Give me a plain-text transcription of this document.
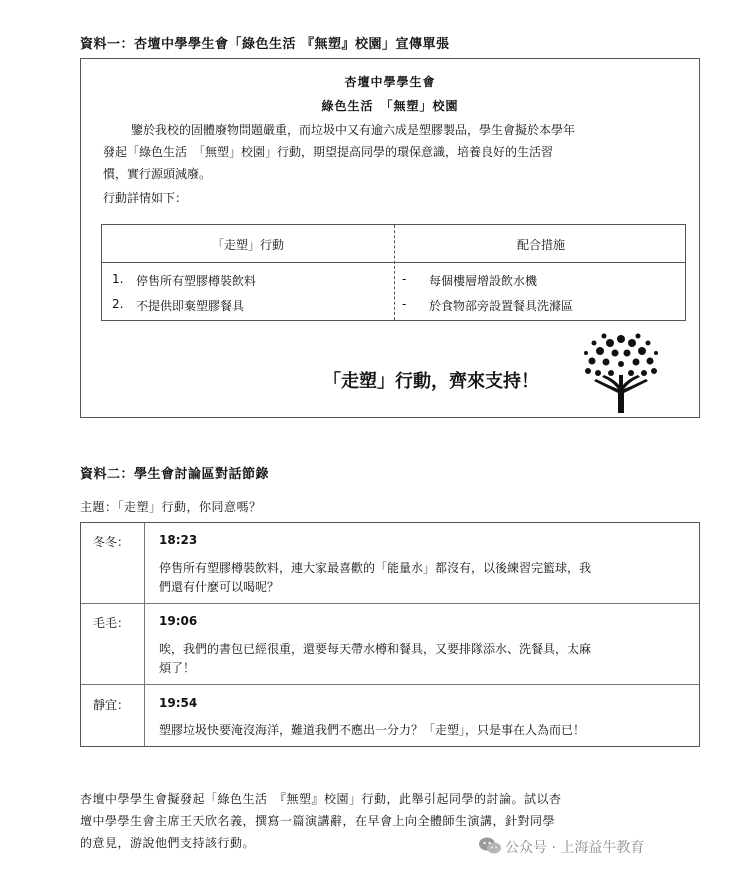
資料一：杏壇中學學生會「綠色生活 『無塑』校園」宣傳單張
杏壇中學學生會
綠色生活　「無塑」校園
鑒於我校的固體廢物問題嚴重，而垃圾中又有逾六成是塑膠製品，學生會擬於本學年
發起「綠色生活　「無塑」校園」行動，期望提高同學的環保意識，培養良好的生活習
慣，實行源頭減廢。
行動詳情如下：
「走塑」行動	配合措施
1. 停售所有塑膠樽裝飲料
2. 不提供即棄塑膠餐具
- 每個樓層增設飲水機
- 於食物部旁設置餐具洗滌區
「走塑」行動，齊來支持！
資料二：學生會討論區對話節錄
主題：「走塑」行動，你同意嗎？
冬冬： 18:23
停售所有塑膠樽裝飲料，連大家最喜歡的「能量水」都沒有，以後練習完籃球，我
們還有什麼可以喝呢？
毛毛： 19:06
唉，我們的書包已經很重，還要每天帶水樽和餐具，又要排隊添水、洗餐具，太麻
煩了！
靜宜： 19:54
塑膠垃圾快要淹沒海洋，難道我們不應出一分力？「走塑」，只是事在人為而已！
杏壇中學學生會擬發起「綠色生活　『無塑』校園」行動，此舉引起同學的討論。試以杏
壇中學學生會主席王天欣名義，撰寫一篇演講辭，在早會上向全體師生演講，針對同學
的意見，游說他們支持該行動。	公众号 · 上海益牛教育
